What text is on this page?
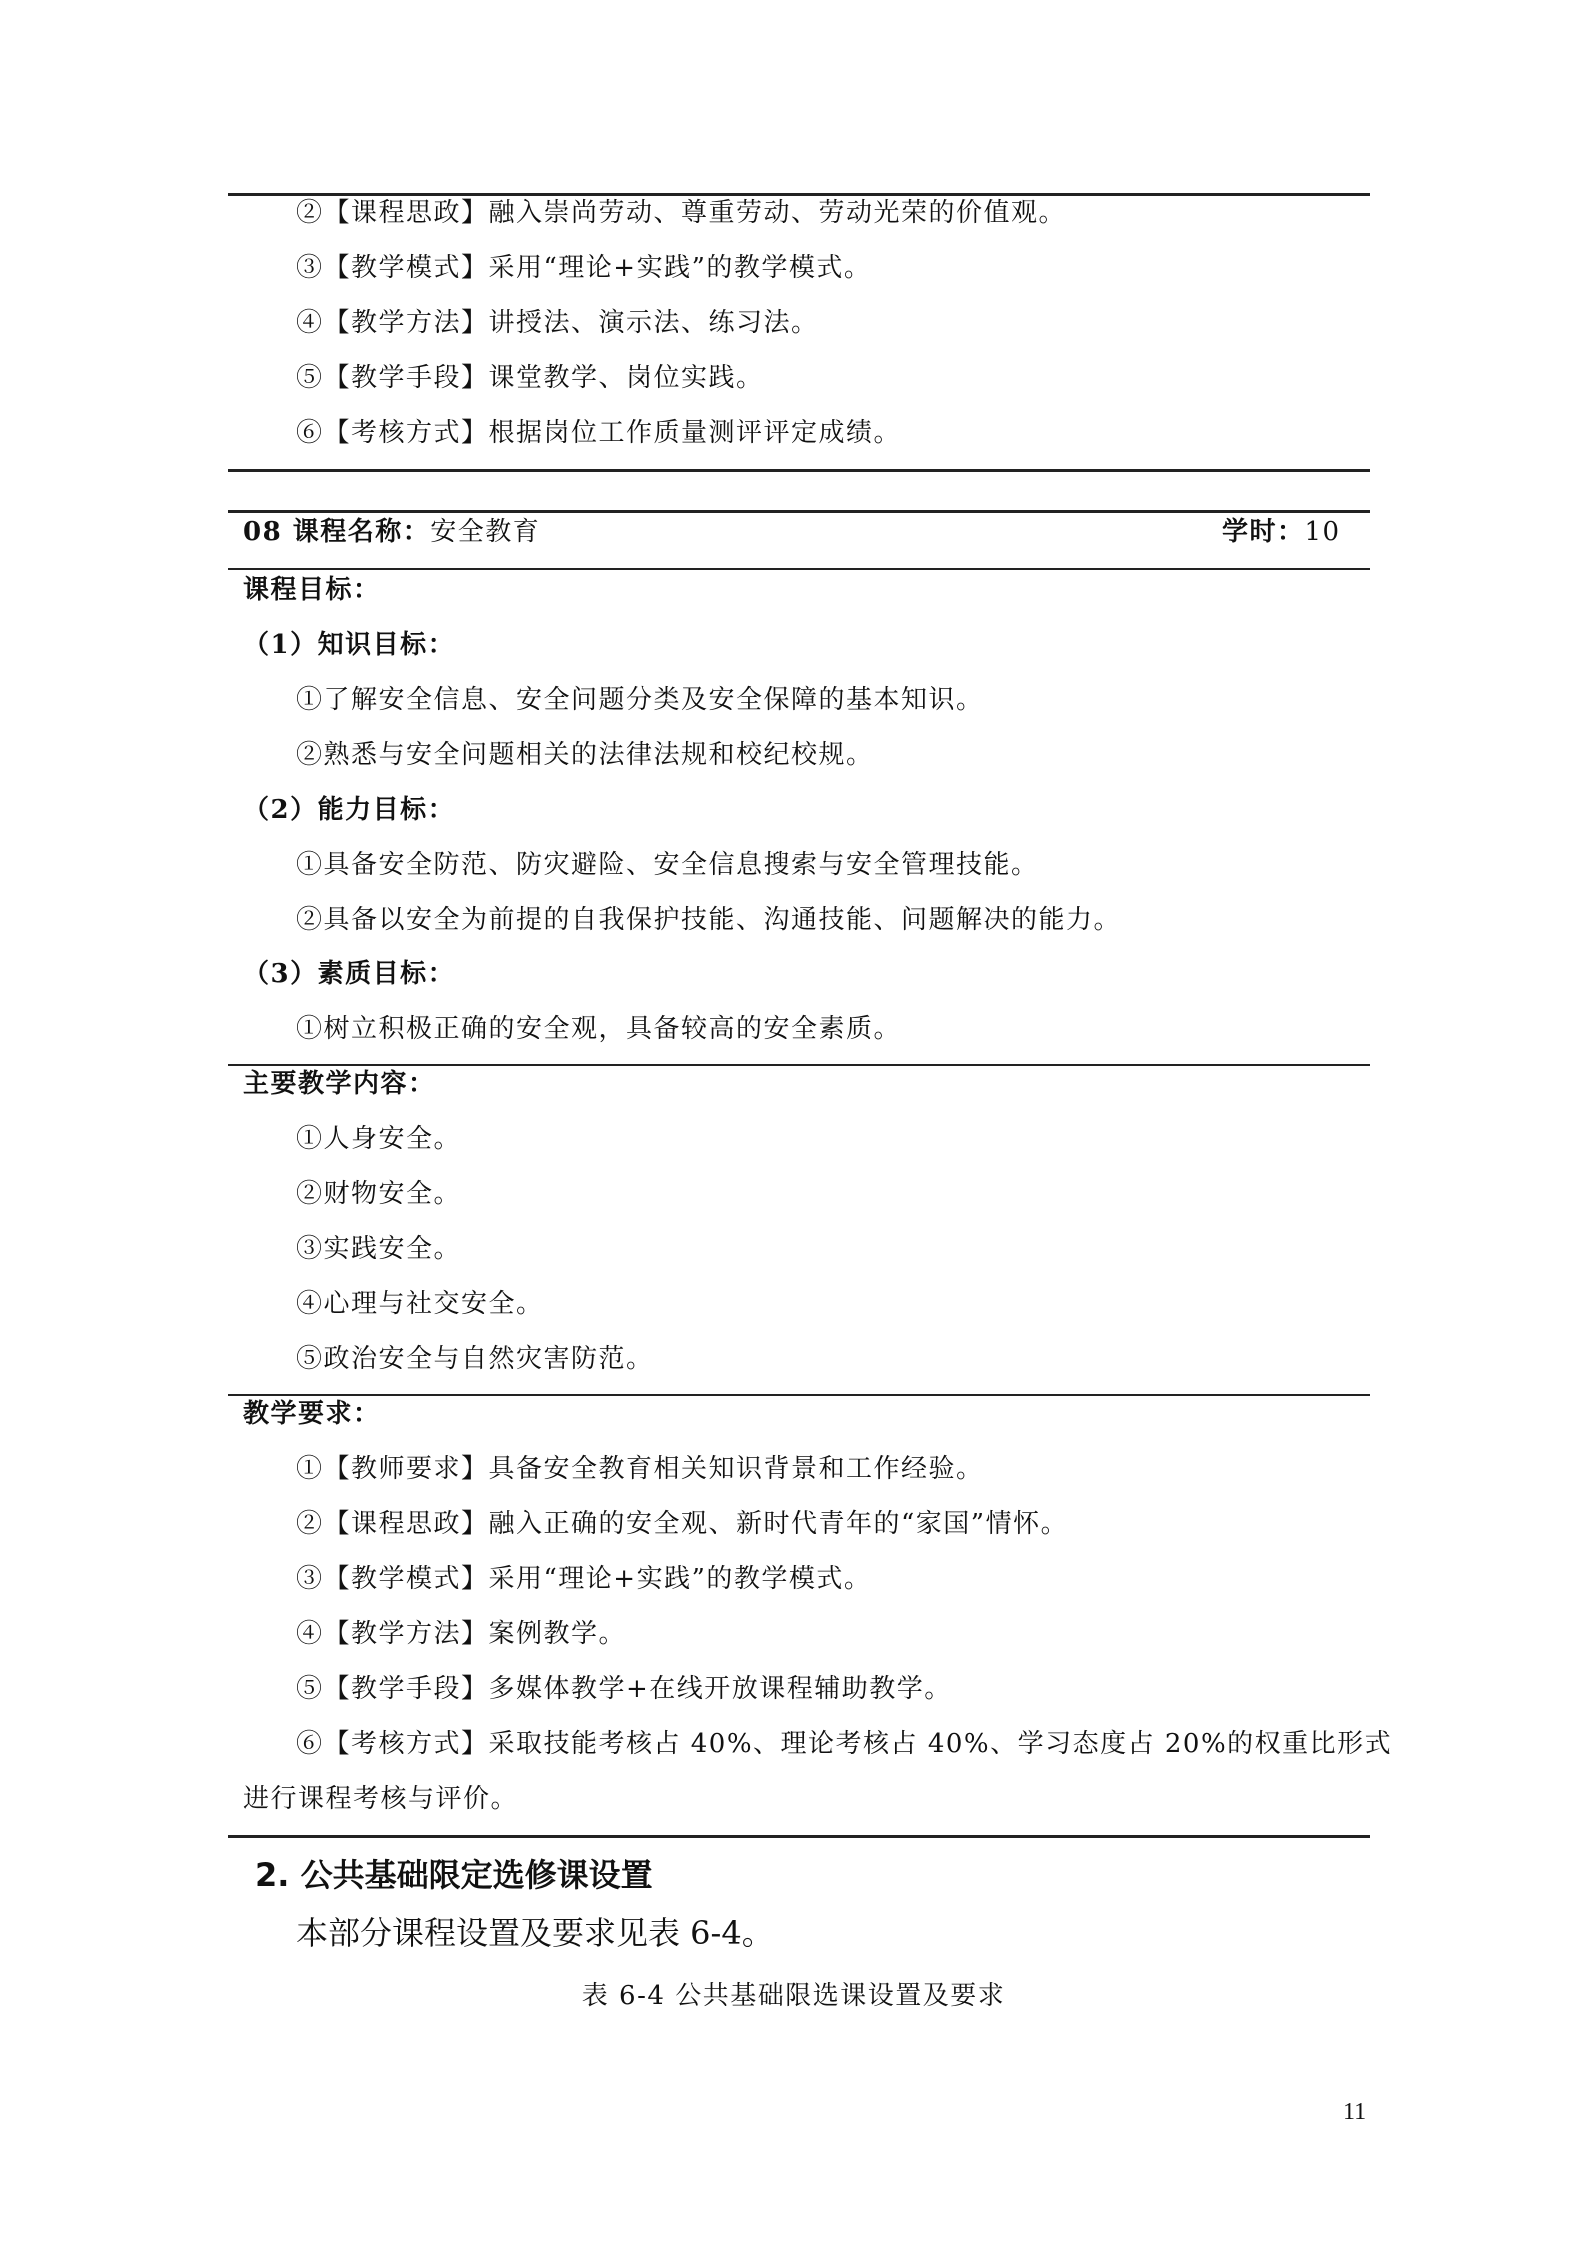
②【课程思政】融入崇尚劳动、尊重劳动、劳动光荣的价值观。
③【教学模式】采用“理论+实践”的教学模式。
④【教学方法】讲授法、演示法、练习法。
⑤【教学手段】课堂教学、岗位实践。
⑥【考核方式】根据岗位工作质量测评评定成绩。
08 课程名称：安全教育	学时：10
课程目标：
（1）知识目标：
①了解安全信息、安全问题分类及安全保障的基本知识。
②熟悉与安全问题相关的法律法规和校纪校规。
（2）能力目标：
①具备安全防范、防灾避险、安全信息搜索与安全管理技能。
②具备以安全为前提的自我保护技能、沟通技能、问题解决的能力。
（3）素质目标：
①树立积极正确的安全观，具备较高的安全素质。
主要教学内容：
①人身安全。
②财物安全。
③实践安全。
④心理与社交安全。
⑤政治安全与自然灾害防范。
教学要求：
①【教师要求】具备安全教育相关知识背景和工作经验。
②【课程思政】融入正确的安全观、新时代青年的“家国”情怀。
③【教学模式】采用“理论+实践”的教学模式。
④【教学方法】案例教学。
⑤【教学手段】多媒体教学+在线开放课程辅助教学。
⑥【考核方式】采取技能考核占 40%、理论考核占 40%、学习态度占 20%的权重比形式
进行课程考核与评价。
2. 公共基础限定选修课设置
本部分课程设置及要求见表 6-4。
表 6-4 公共基础限选课设置及要求
11
